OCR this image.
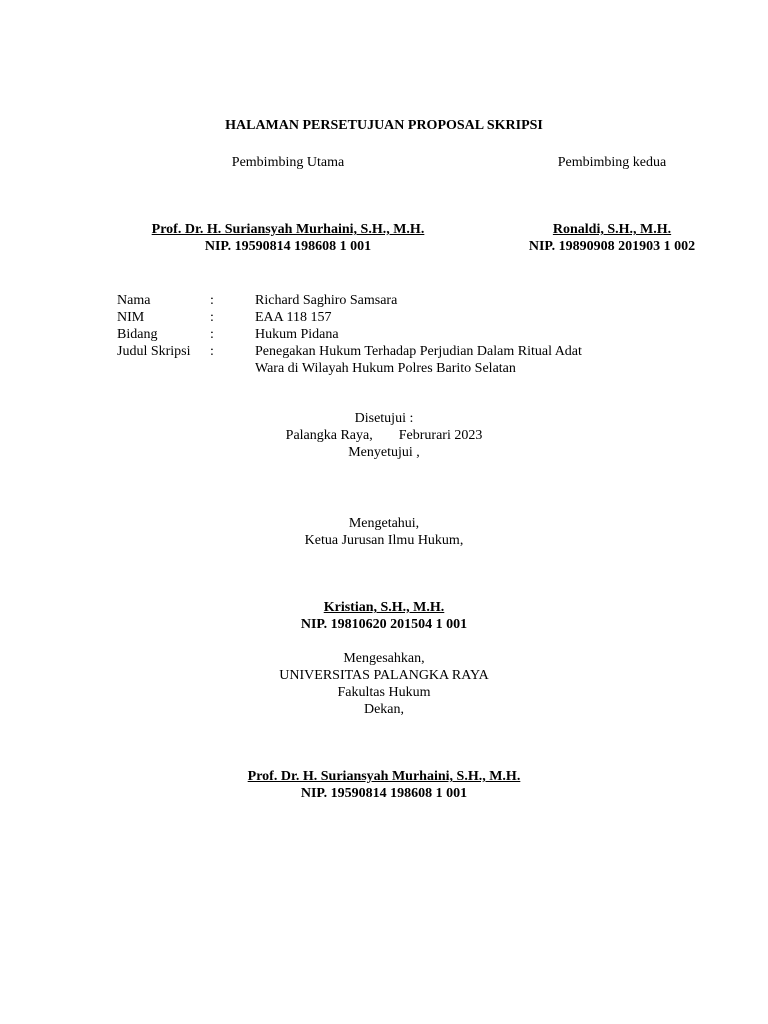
HALAMAN PERSETUJUAN PROPOSAL SKRIPSI
Pembimbing Utama	Pembimbing kedua
Prof. Dr. H. Suriansyah Murhaini, S.H., M.H.
NIP. 19590814 198608 1 001
Ronaldi, S.H., M.H.
NIP. 19890908 201903 1 002
Nama	:	Richard Saghiro Samsara
NIM	:	EAA 118 157
Bidang	:	Hukum Pidana
Judul Skripsi	:	Penegakan Hukum Terhadap Perjudian Dalam Ritual Adat
Wara di Wilayah Hukum Polres Barito Selatan
Disetujui :
Palangka Raya, Februrari 2023
Menyetujui ,
Mengetahui,
Ketua Jurusan Ilmu Hukum,
Kristian, S.H., M.H.
NIP. 19810620 201504 1 001
Mengesahkan,
UNIVERSITAS PALANGKA RAYA
Fakultas Hukum
Dekan,
Prof. Dr. H. Suriansyah Murhaini, S.H., M.H.
NIP. 19590814 198608 1 001
